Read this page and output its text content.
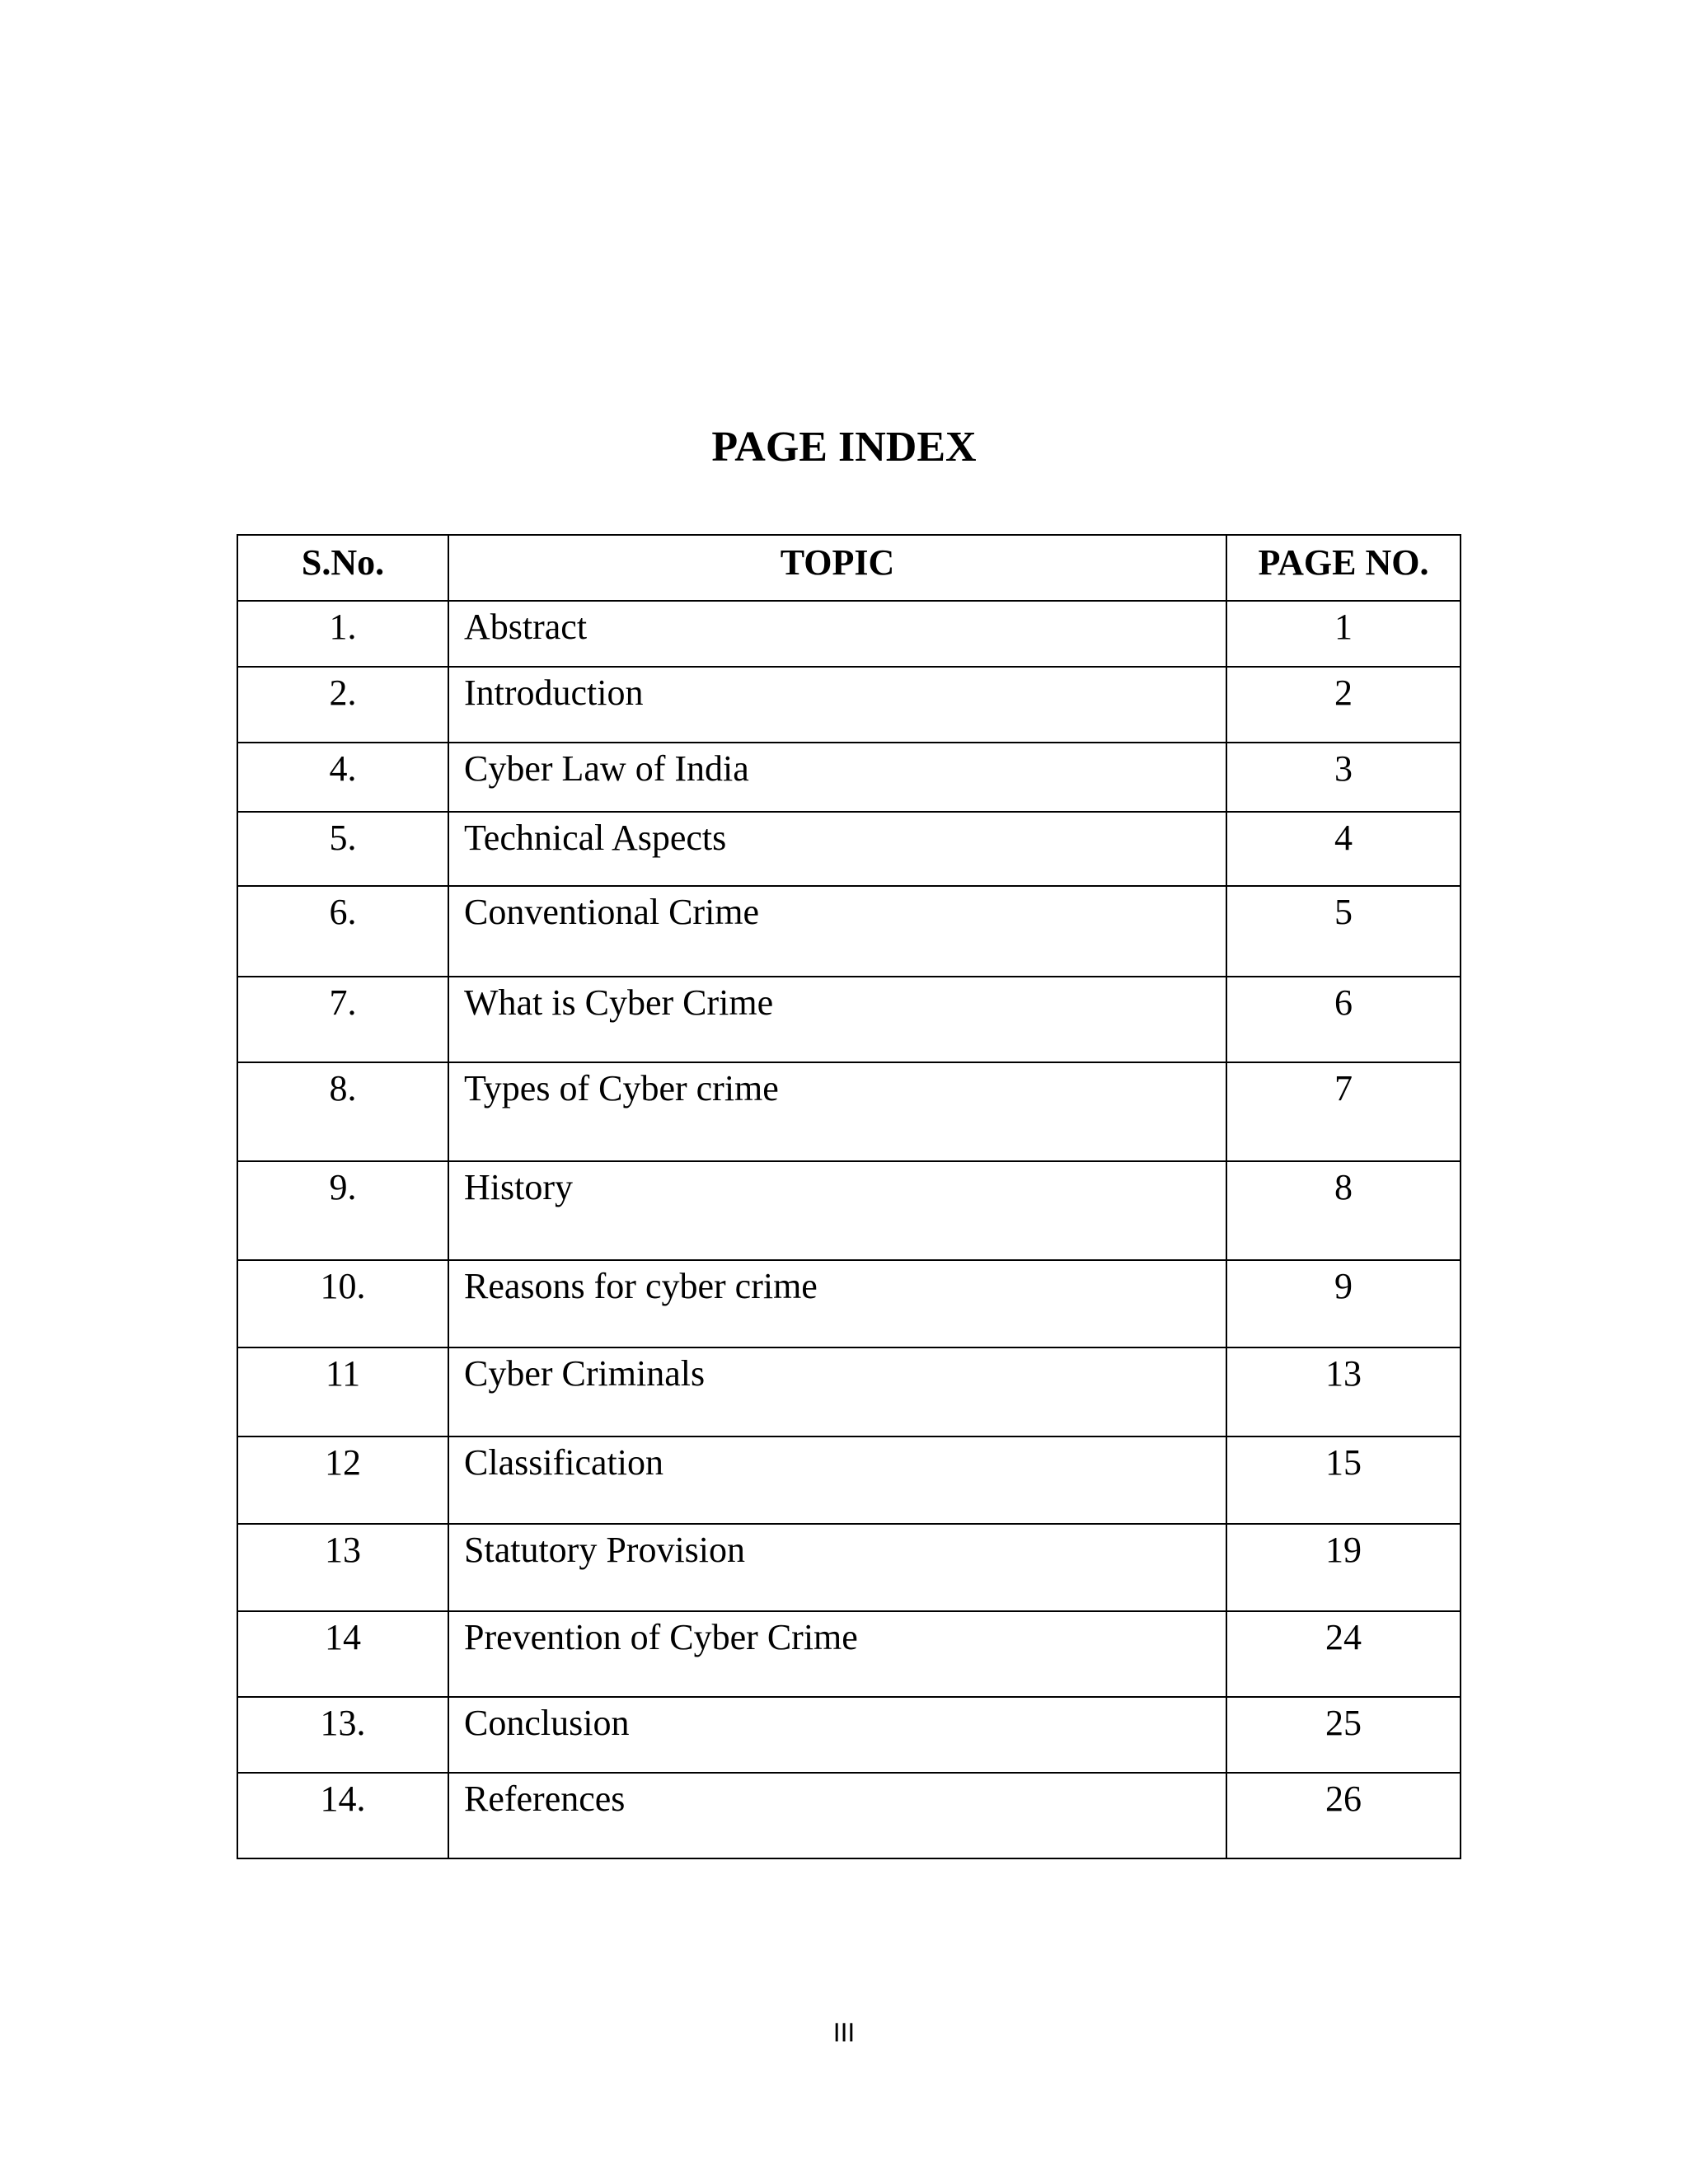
PAGE INDEX
S.No.	TOPIC	PAGE NO.
1.	Abstract	1
2.	Introduction	2
4.	Cyber Law of India	3
5.	Technical Aspects	4
6.	Conventional Crime	5
7.	What is Cyber Crime	6
8.	Types of Cyber crime	7
9.	History	8
10.	Reasons for cyber crime	9
11	Cyber Criminals	13
12	Classification	15
13	Statutory Provision	19
14	Prevention of Cyber Crime	24
13.	Conclusion	25
14.	References	26
III
